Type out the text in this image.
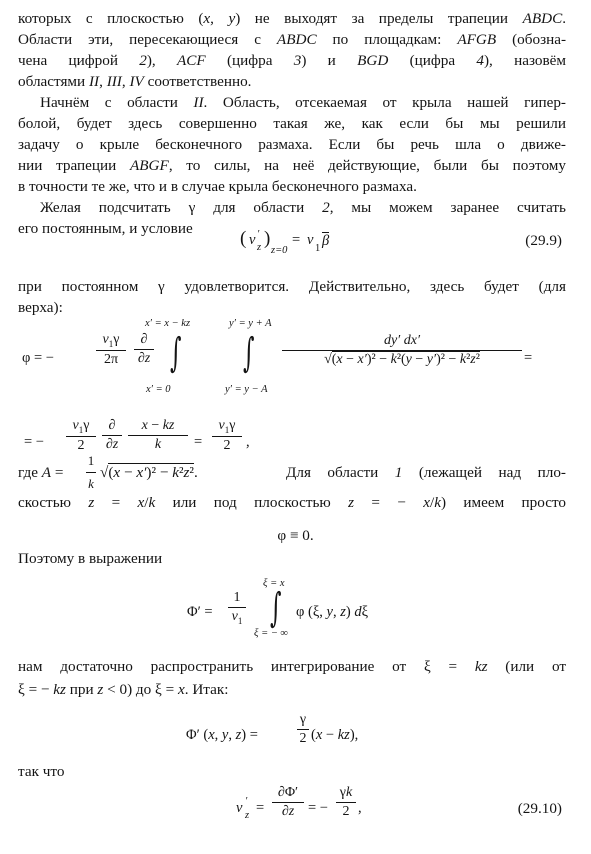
которых с плоскостью (x, y) не выходят за пределы трапеции ABDC.
Области эти, пересекающиеся с ABDC по площадкам: AFGB (обозна-
чена цифрой 2), ACF (цифра 3) и BGD (цифра 4), назовём
областями II, III, IV соответственно.
Начнём с области II. Область, отсекаемая от крыла нашей гипер-
болой, будет здесь совершенно такая же, как если бы мы решили
задачу о крыле бесконечного размаха. Если бы речь шла о движе-
нии трапеции ABGF, то силы, на неё действующие, были бы поэтому
в точности те же, что и в случае крыла бесконечного размаха.
Желая подсчитать γ для области 2, мы можем заранее считать
его постоянным, и условие	( v ′
z )
z=0
= v
1 β	(29.9)
при постоянном γ удовлетворится. Действительно, здесь будет (для
верха):
φ = −
$v_1\gamma$
2π
∂
∂z
x′ = x − kz
∫
x′ = 0
y′ = y + A
∫
y′ = y − A
dy′ dx′
√(x − x′)² − k²(y − y′)² − k²z²	=
= −
$v_1\gamma$
2
∂
∂z
x − kz
k	=
$v_1\gamma$
2	,
где A =
1
k
√(x − x′)² − k²z².	Для области 1 (лежащей над пло-
скостью z = x/k или под плоскостью z = − x/k) имеем просто
φ ≡ 0.
Поэтому в выражении
Φ′ =
1
$v_1$
ξ = x
∫
ξ = − ∞
φ (ξ, y, z) dξ
нам достаточно распространить интегрирование от ξ = kz (или от
ξ = − kz при z < 0) до ξ = x. Итак:
Φ′ (x, y, z) =
γ
2 (x − kz),
так что
v ′
z =
∂Φ′
∂z = −
γk
2 ,	(29.10)
